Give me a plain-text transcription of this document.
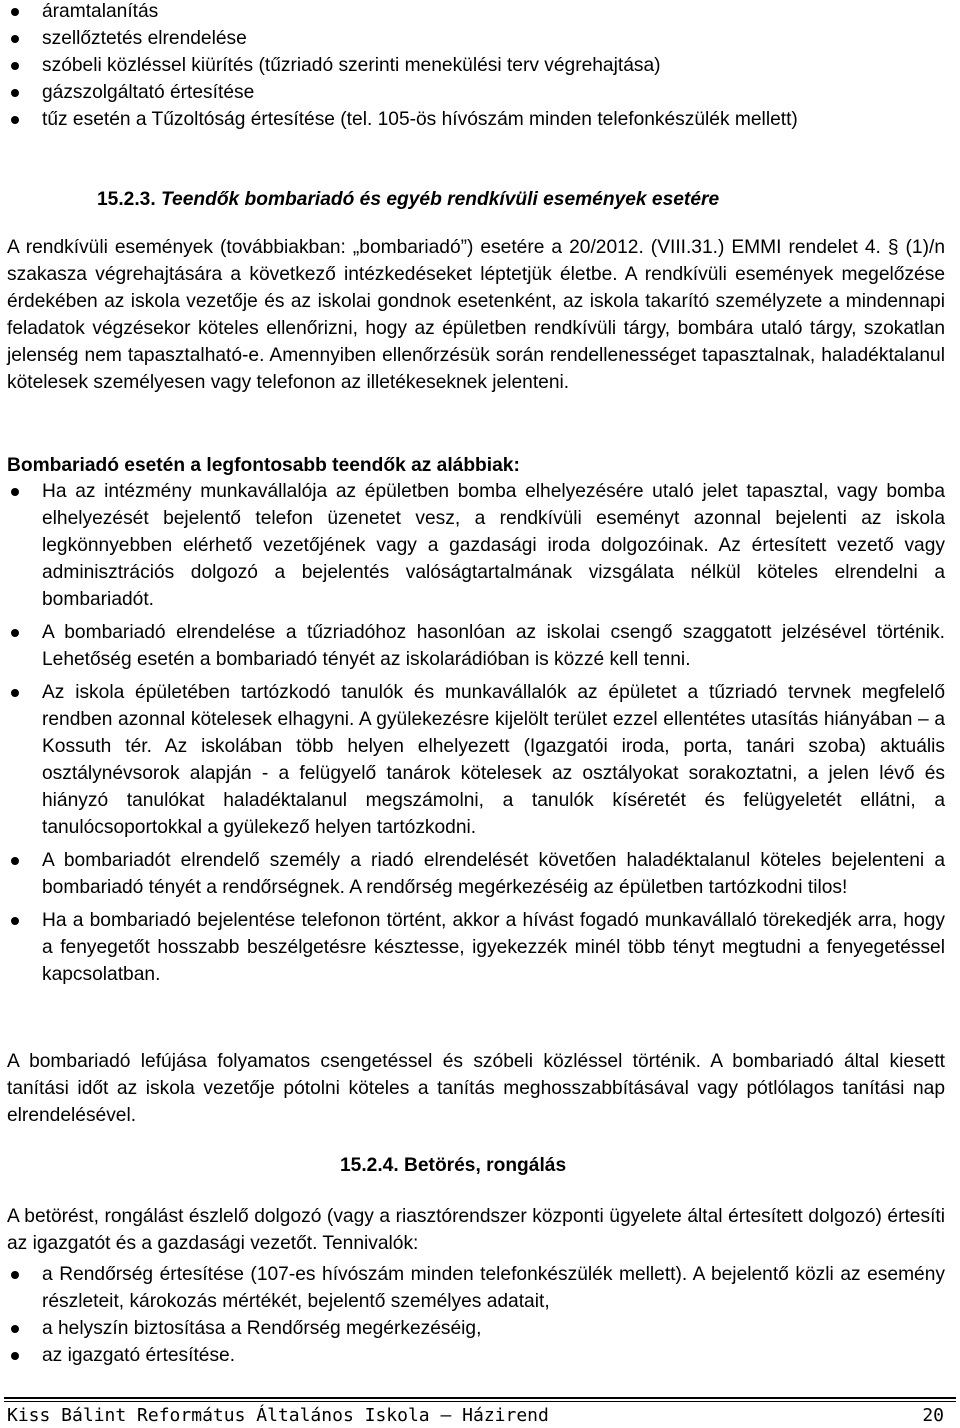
áramtalanítás
szellőztetés elrendelése
szóbeli közléssel kiürítés (tűzriadó szerinti menekülési terv végrehajtása)
gázszolgáltató értesítése
tűz esetén a Tűzoltóság értesítése (tel. 105-ös hívószám minden telefonkészülék mellett)
15.2.3. Teendők bombariadó és egyéb rendkívüli események esetére

A rendkívüli események (továbbiakban: „bombariadó”) esetére a 20/2012. (VIII.31.) EMMI rendelet 4. § (1)/n szakasza végrehajtására a következő intézkedéseket léptetjük életbe. A rendkívüli események megelőzése érdekében az iskola vezetője és az iskolai gondnok esetenként, az iskola takarító személyzete a mindennapi feladatok végzésekor köteles ellenőrizni, hogy az épületben rendkívüli tárgy, bombára utaló tárgy, szokatlan jelenség nem tapasztalható-e. Amennyiben ellenőrzésük során rendellenességet tapasztalnak, haladéktalanul kötelesek személyesen vagy telefonon az illetékeseknek jelenteni.

Bombariadó esetén a legfontosabb teendők az alábbiak:

Ha az intézmény munkavállalója az épületben bomba elhelyezésére utaló jelet tapasztal, vagy bomba elhelyezését bejelentő telefon üzenetet vesz, a rendkívüli eseményt azonnal bejelenti az iskola legkönnyebben elérhető vezetőjének vagy a gazdasági iroda dolgozóinak. Az értesített vezető vagy adminisztrációs dolgozó a bejelentés valóságtartalmának vizsgálata nélkül köteles elrendelni a bombariadót.
A bombariadó elrendelése a tűzriadóhoz hasonlóan az iskolai csengő szaggatott jelzésével történik. Lehetőség esetén a bombariadó tényét az iskolarádióban is közzé kell tenni.
Az iskola épületében tartózkodó tanulók és munkavállalók az épületet a tűzriadó tervnek megfelelő rendben azonnal kötelesek elhagyni. A gyülekezésre kijelölt terület ezzel ellentétes utasítás hiányában – a Kossuth tér. Az iskolában több helyen elhelyezett (Igazgatói iroda, porta, tanári szoba) aktuális osztálynévsorok alapján - a felügyelő tanárok kötelesek az osztályokat sorakoztatni, a jelen lévő és hiányzó tanulókat haladéktalanul megszámolni, a tanulók kíséretét és felügyeletét ellátni, a tanulócsoportokkal a gyülekező helyen tartózkodni.
A bombariadót elrendelő személy a riadó elrendelését követően haladéktalanul köteles bejelenteni a bombariadó tényét a rendőrségnek. A rendőrség megérkezéséig az épületben tartózkodni tilos!
Ha a bombariadó bejelentése telefonon történt, akkor a hívást fogadó munkavállaló törekedjék arra, hogy a fenyegetőt hosszabb beszélgetésre késztesse, igyekezzék minél több tényt megtudni a fenyegetéssel kapcsolatban.

A bombariadó lefújása folyamatos csengetéssel és szóbeli közléssel történik. A bombariadó által kiesett tanítási időt az iskola vezetője pótolni köteles a tanítás meghosszabbításával vagy pótlólagos tanítási nap elrendelésével.

15.2.4. Betörés, rongálás

A betörést, rongálást észlelő dolgozó (vagy a riasztórendszer központi ügyelete által értesített dolgozó) értesíti az igazgatót és a gazdasági vezetőt. Tennivalók:

a Rendőrség értesítése (107-es hívószám minden telefonkészülék mellett). A bejelentő közli az esemény részleteit, károkozás mértékét, bejelentő személyes adatait,
a helyszín biztosítása a Rendőrség megérkezéséig,
az igazgató értesítése.
Kiss Bálint Református Általános Iskola – Házirend	20
